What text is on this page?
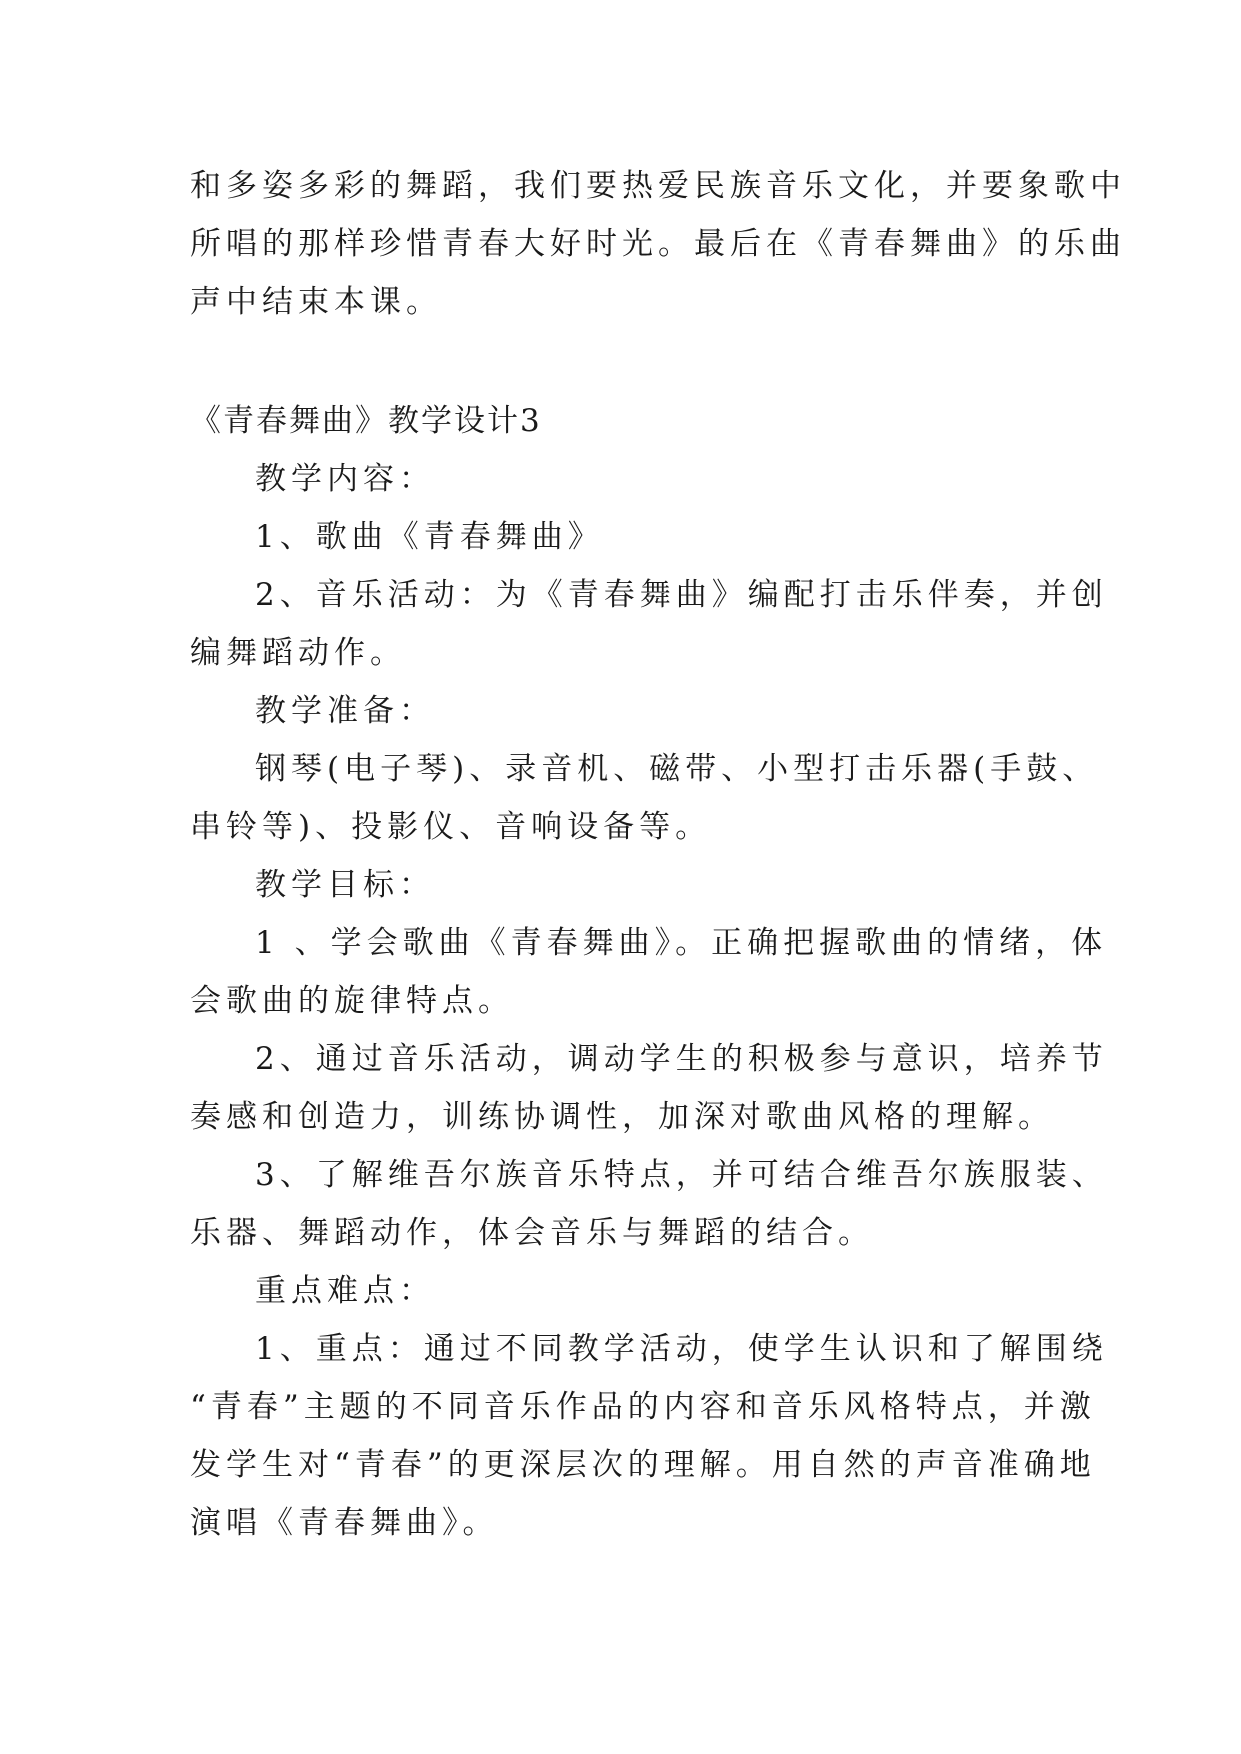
和多姿多彩的舞蹈，我们要热爱民族音乐文化，并要象歌中
所唱的那样珍惜青春大好时光。最后在《青春舞曲》的乐曲
声中结束本课。
《青春舞曲》教学设计3
教学内容：
1、歌曲《青春舞曲》
2、音乐活动：为《青春舞曲》编配打击乐伴奏，并创
编舞蹈动作。
教学准备：
钢琴(电子琴)、录音机、磁带、小型打击乐器(手鼓、
串铃等)、投影仪、音响设备等。
教学目标：
1 、学会歌曲《青春舞曲》。正确把握歌曲的情绪，体
会歌曲的旋律特点。
2、通过音乐活动，调动学生的积极参与意识，培养节
奏感和创造力，训练协调性，加深对歌曲风格的理解。
3、了解维吾尔族音乐特点，并可结合维吾尔族服装、
乐器、舞蹈动作，体会音乐与舞蹈的结合。
重点难点：
1、重点：通过不同教学活动，使学生认识和了解围绕
“青春”主题的不同音乐作品的内容和音乐风格特点，并激
发学生对“青春”的更深层次的理解。用自然的声音准确地
演唱《青春舞曲》。
